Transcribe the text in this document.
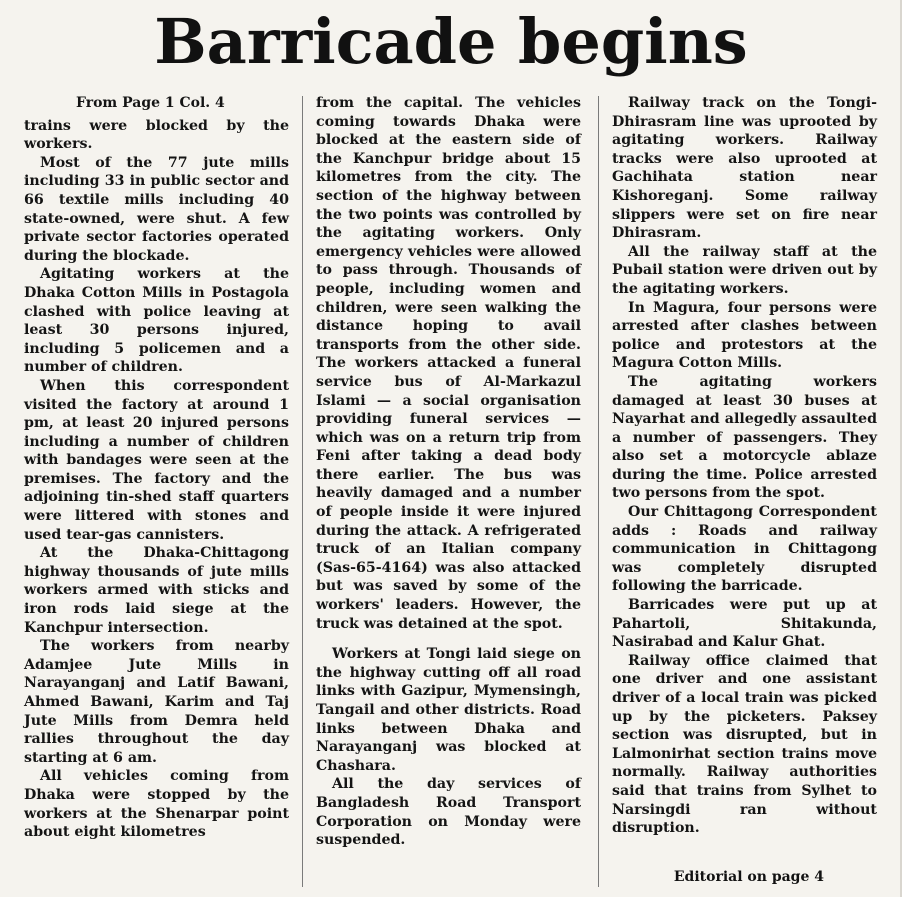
Barricade begins
From Page 1 Col. 4

trains were blocked by the workers.

Most of the 77 jute mills including 33 in public sector and 66 textile mills including 40 state-owned, were shut. A few private sector factories operated during the blockade.

Agitating workers at the Dhaka Cotton Mills in Postagola clashed with police leaving at least 30 persons injured, including 5 policemen and a number of children.

When this correspondent visited the factory at around 1 pm, at least 20 injured persons including a number of children with bandages were seen at the premises. The factory and the adjoining tin-shed staff quarters were littered with stones and used tear-gas cannisters.

At the Dhaka-Chittagong highway thousands of jute mills workers armed with sticks and iron rods laid siege at the Kanchpur intersection.

The workers from nearby Adamjee Jute Mills in Narayanganj and Latif Bawani, Ahmed Bawani, Karim and Taj Jute Mills from Demra held rallies throughout the day starting at 6 am.

All vehicles coming from Dhaka were stopped by the workers at the Shenarpar point about eight kilometres

from the capital. The vehicles coming towards Dhaka were blocked at the eastern side of the Kanchpur bridge about 15 kilometres from the city. The section of the highway between the two points was controlled by the agitating workers. Only emergency vehicles were allowed to pass through. Thousands of people, including women and children, were seen walking the distance hoping to avail transports from the other side. The workers attacked a funeral service bus of Al-Markazul Islami — a social organisation providing funeral services — which was on a return trip from Feni after taking a dead body there earlier. The bus was heavily damaged and a number of people inside it were injured during the attack. A refrigerated truck of an Italian company (Sas-65-4164) was also attacked but was saved by some of the workers' leaders. However, the truck was detained at the spot.

Workers at Tongi laid siege on the highway cutting off all road links with Gazipur, Mymensingh, Tangail and other districts. Road links between Dhaka and Narayanganj was blocked at Chashara.

All the day services of Bangladesh Road Transport Corporation on Monday were suspended.

Railway track on the Tongi-Dhirasram line was uprooted by agitating workers. Railway tracks were also uprooted at Gachihata station near Kishoreganj. Some railway slippers were set on fire near Dhirasram.

All the railway staff at the Pubail station were driven out by the agitating workers.

In Magura, four persons were arrested after clashes between police and protestors at the Magura Cotton Mills.

The agitating workers damaged at least 30 buses at Nayarhat and allegedly assaulted a number of passengers. They also set a motorcycle ablaze during the time. Police arrested two persons from the spot.

Our Chittagong Correspondent adds : Roads and railway communication in Chittagong was completely disrupted following the barricade.

Barricades were put up at Pahartoli, Shitakunda, Nasirabad and Kalur Ghat.

Railway office claimed that one driver and one assistant driver of a local train was picked up by the picketers. Paksey section was disrupted, but in Lalmonirhat section trains move normally. Railway authorities said that trains from Sylhet to Narsingdi ran without disruption.

Editorial on page 4
